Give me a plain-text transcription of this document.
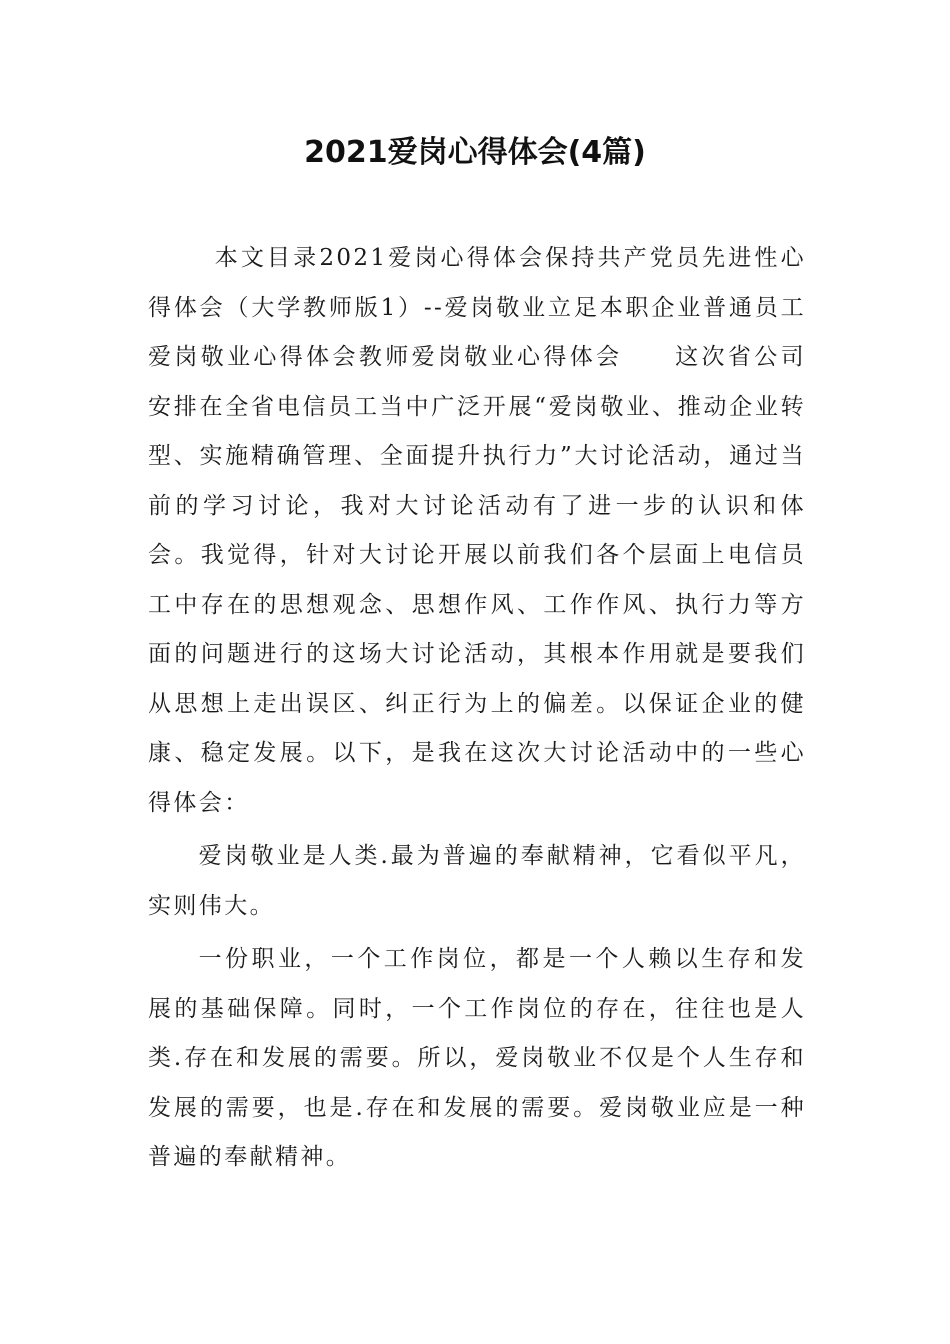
2021爱岗心得体会(4篇)

本文目录2021爱岗心得体会保持共产党员先进性心得体会（大学教师版1）--爱岗敬业立足本职企业普通员工爱岗敬业心得体会教师爱岗敬业心得体会　　这次省公司安排在全省电信员工当中广泛开展“爱岗敬业、推动企业转型、实施精确管理、全面提升执行力”大讨论活动，通过当前的学习讨论，我对大讨论活动有了进一步的认识和体会。我觉得，针对大讨论开展以前我们各个层面上电信员工中存在的思想观念、思想作风、工作作风、执行力等方面的问题进行的这场大讨论活动，其根本作用就是要我们从思想上走出误区、纠正行为上的偏差。以保证企业的健康、稳定发展。以下，是我在这次大讨论活动中的一些心得体会：

爱岗敬业是人类.最为普遍的奉献精神，它看似平凡，实则伟大。

一份职业，一个工作岗位，都是一个人赖以生存和发展的基础保障。同时，一个工作岗位的存在，往往也是人类.存在和发展的需要。所以，爱岗敬业不仅是个人生存和发展的需要，也是.存在和发展的需要。爱岗敬业应是一种普遍的奉献精神。
